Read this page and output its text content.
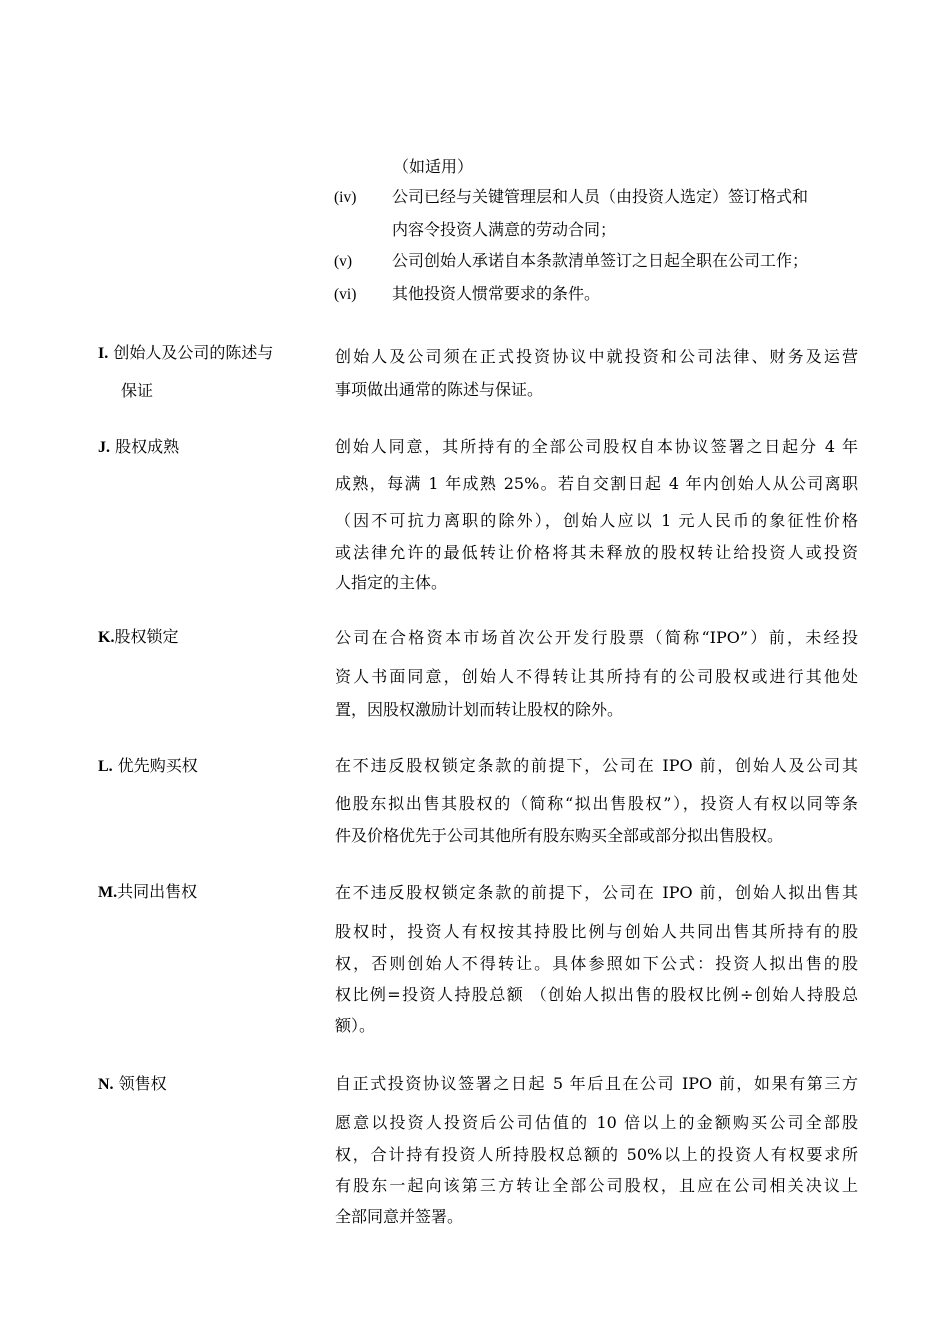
（如适用）
(iv) 公司已经与关键管理层和人员（由投资人选定）签订格式和
内容令投资人满意的劳动合同；
(v) 公司创始人承诺自本条款清单签订之日起全职在公司工作；
(vi) 其他投资人惯常要求的条件。
I. 创始人及公司的陈述与
保证
创始人及公司须在正式投资协议中就投资和公司法律、财务及运营
事项做出通常的陈述与保证。
J. 股权成熟	创始人同意，其所持有的全部公司股权自本协议签署之日起分 4 年
成熟，每满 1 年成熟 25%。若自交割日起 4 年内创始人从公司离职
（因不可抗力离职的除外），创始人应以 1 元人民币的象征性价格
或法律允许的最低转让价格将其未释放的股权转让给投资人或投资
人指定的主体。
K.股权锁定	公司在合格资本市场首次公开发行股票（简称“IPO”）前，未经投
资人书面同意，创始人不得转让其所持有的公司股权或进行其他处
置，因股权激励计划而转让股权的除外。
L. 优先购买权	在不违反股权锁定条款的前提下，公司在 IPO 前，创始人及公司其
他股东拟出售其股权的（简称“拟出售股权”），投资人有权以同等条
件及价格优先于公司其他所有股东购买全部或部分拟出售股权。
M.共同出售权	在不违反股权锁定条款的前提下，公司在 IPO 前，创始人拟出售其
股权时，投资人有权按其持股比例与创始人共同出售其所持有的股
权，否则创始人不得转让。具体参照如下公式：投资人拟出售的股
权比例=投资人持股总额 （创始人拟出售的股权比例÷创始人持股总
额）。
N. 领售权	自正式投资协议签署之日起 5 年后且在公司 IPO 前，如果有第三方
愿意以投资人投资后公司估值的 10 倍以上的金额购买公司全部股
权，合计持有投资人所持股权总额的 50%以上的投资人有权要求所
有股东一起向该第三方转让全部公司股权，且应在公司相关决议上
全部同意并签署。
